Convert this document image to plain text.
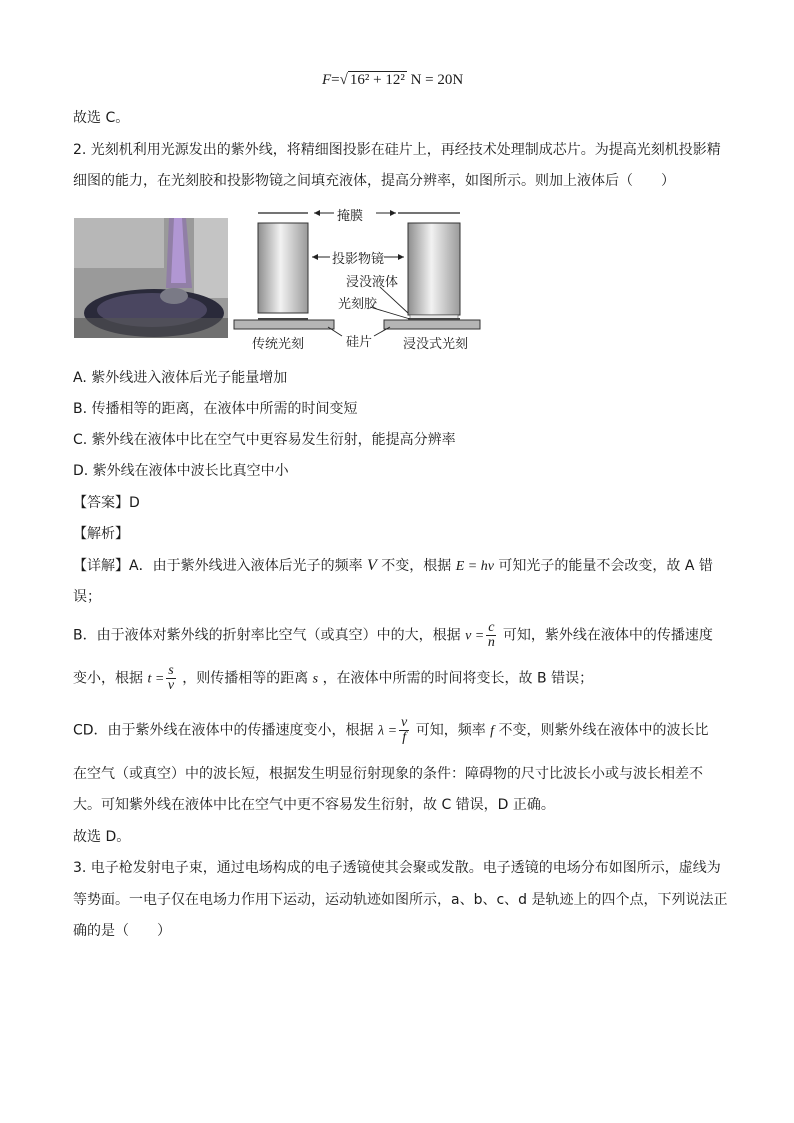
F=√ 16² + 12² N = 20N
故选 C。
2. 光刻机利用光源发出的紫外线，将精细图投影在硅片上，再经技术处理制成芯片。为提高光刻机投影精
细图的能力，在光刻胶和投影物镜之间填充液体，提高分辨率，如图所示。则加上液体后（　　）
掩膜
投影物镜
浸没液体
光刻胶
硅片
传统光刻	浸没式光刻
A. 紫外线进入液体后光子能量增加
B. 传播相等的距离，在液体中所需的时间变短
C. 紫外线在液体中比在空气中更容易发生衍射，能提高分辨率
D. 紫外线在液体中波长比真空中小
【答案】D
【解析】
【详解】A．由于紫外线进入液体后光子的频率 V 不变，根据 E = hν 可知光子的能量不会改变，故 A 错
误；
B．由于液体对紫外线的折射率比空气（或真空）中的大，根据 $v = \frac{c}{n}$ 可知，紫外线在液体中的传播速度
变小，根据 $t = \frac{s}{v}$ ，则传播相等的距离 s ，在液体中所需的时间将变长，故 B 错误；
CD．由于紫外线在液体中的传播速度变小，根据 $\lambda = \frac{v}{f}$ 可知，频率 f 不变，则紫外线在液体中的波长比
在空气（或真空）中的波长短，根据发生明显衍射现象的条件：障碍物的尺寸比波长小或与波长相差不
大。可知紫外线在液体中比在空气中更不容易发生衍射，故 C 错误，D 正确。
故选 D。
3. 电子枪发射电子束，通过电场构成的电子透镜使其会聚或发散。电子透镜的电场分布如图所示，虚线为
等势面。一电子仅在电场力作用下运动，运动轨迹如图所示，a、b、c、d 是轨迹上的四个点，下列说法正
确的是（　　）
